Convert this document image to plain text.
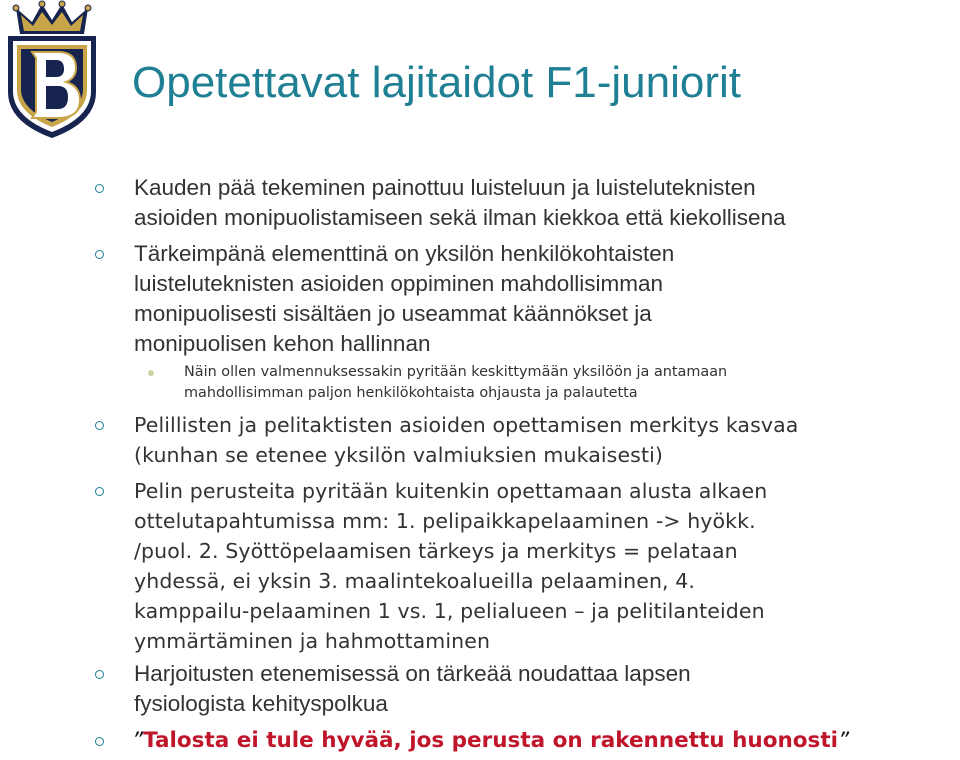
Opetettavat lajitaidot F1-juniorit
Kauden pää tekeminen painottuu luisteluun ja luisteluteknisten
asioiden monipuolistamiseen sekä ilman kiekkoa että kiekollisena
Tärkeimpänä elementtinä on yksilön henkilökohtaisten
luisteluteknisten asioiden oppiminen mahdollisimman
monipuolisesti sisältäen jo useammat käännökset ja
monipuolisen kehon hallinnan
Näin ollen valmennuksessakin pyritään keskittymään yksilöön ja antamaan
mahdollisimman paljon henkilökohtaista ohjausta ja palautetta
Pelillisten ja pelitaktisten asioiden opettamisen merkitys kasvaa
(kunhan se etenee yksilön valmiuksien mukaisesti)
Pelin perusteita pyritään kuitenkin opettamaan alusta alkaen
ottelutapahtumissa mm: 1. pelipaikkapelaaminen -> hyökk.
/puol. 2. Syöttöpelaamisen tärkeys ja merkitys = pelataan
yhdessä, ei yksin 3. maalintekoalueilla pelaaminen, 4.
kamppailu-pelaaminen 1 vs. 1, pelialueen – ja pelitilanteiden
ymmärtäminen ja hahmottaminen
Harjoitusten etenemisessä on tärkeää noudattaa lapsen
fysiologista kehityspolkua
”Talosta ei tule hyvää, jos perusta on rakennettu huonosti”
